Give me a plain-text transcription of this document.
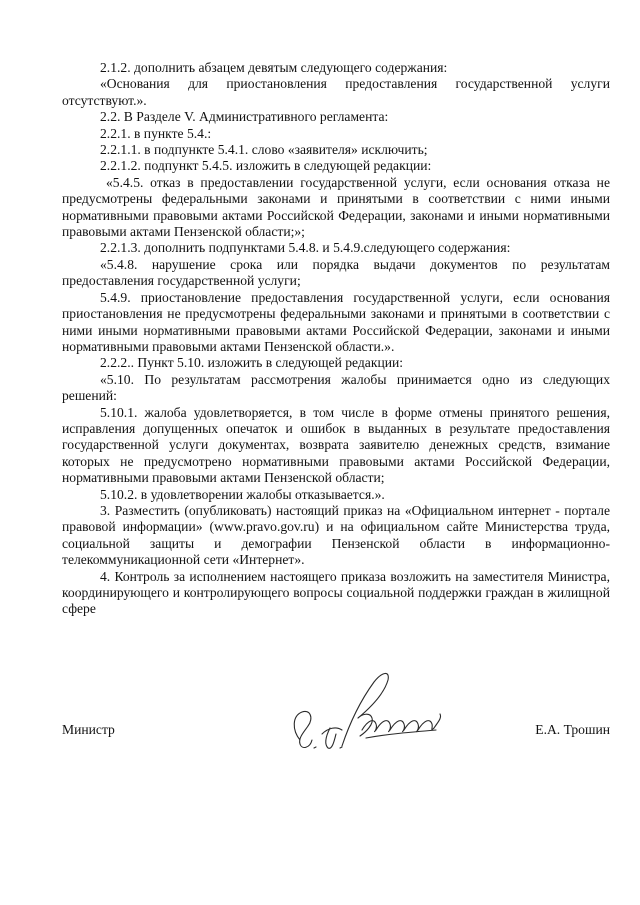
2.1.2. дополнить абзацем девятым следующего содержания:

«Основания для приостановления предоставления государственной услуги отсутствуют.».

2.2. В Разделе V. Административного регламента:

2.2.1. в пункте 5.4.:

2.2.1.1. в подпункте 5.4.1. слово «заявителя» исключить;

2.2.1.2. подпункт 5.4.5. изложить в следующей редакции:

«5.4.5. отказ в предоставлении государственной услуги, если основания отказа не предусмотрены федеральными законами и принятыми в соответствии с ними иными нормативными правовыми актами Российской Федерации, законами и иными нормативными правовыми актами Пензенской области;»;

2.2.1.3. дополнить подпунктами 5.4.8. и 5.4.9.следующего содержания:

«5.4.8. нарушение срока или порядка выдачи документов по результатам предоставления государственной услуги;

5.4.9. приостановление предоставления государственной услуги, если основания приостановления не предусмотрены федеральными законами и принятыми в соответствии с ними иными нормативными правовыми актами Российской Федерации, законами и иными нормативными правовыми актами Пензенской области.».

2.2.2.. Пункт 5.10. изложить в следующей редакции:

«5.10. По результатам рассмотрения жалобы принимается одно из следующих решений:

5.10.1. жалоба удовлетворяется, в том числе в форме отмены принятого решения, исправления допущенных опечаток и ошибок в выданных в результате предоставления государственной услуги документах, возврата заявителю денежных средств, взимание которых не предусмотрено нормативными правовыми актами Российской Федерации, нормативными правовыми актами Пензенской области;

5.10.2. в удовлетворении жалобы отказывается.».

3. Разместить (опубликовать) настоящий приказ на «Официальном интернет - портале правовой информации» (www.pravo.gov.ru) и на официальном сайте Министерства труда, социальной защиты и демографии Пензенской области в информационно-телекоммуникационной сети «Интернет».

4. Контроль за исполнением настоящего приказа возложить на заместителя Министра, координирующего и контролирующего вопросы социальной поддержки граждан в жилищной сфере

Министр	Е.А. Трошин
